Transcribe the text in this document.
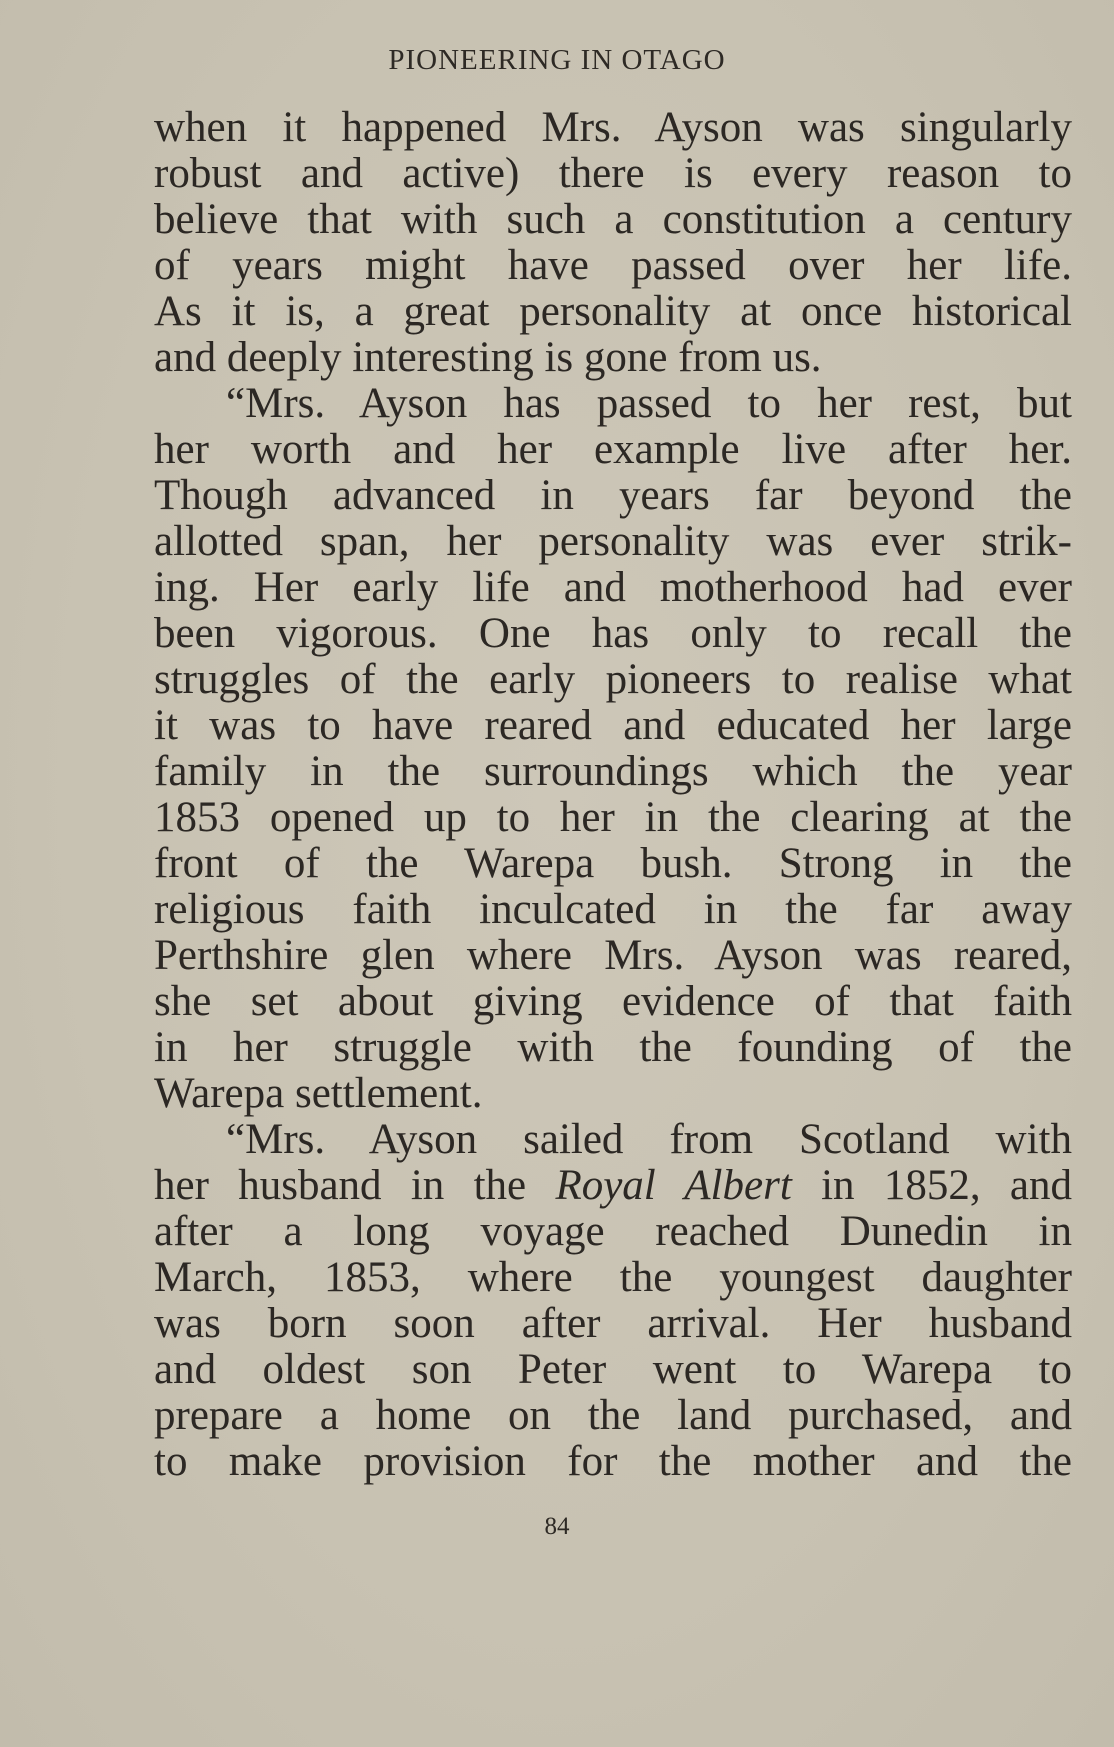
PIONEERING IN OTAGO
when it happened Mrs. Ayson was singularly
robust and active) there is every reason to
believe that with such a constitution a century
of years might have passed over her life.
As it is, a great personality at once historical
and deeply interesting is gone from us.
“Mrs. Ayson has passed to her rest, but
her worth and her example live after her.
Though advanced in years far beyond the
allotted span, her personality was ever strik-
ing. Her early life and motherhood had ever
been vigorous. One has only to recall the
struggles of the early pioneers to realise what
it was to have reared and educated her large
family in the surroundings which the year
1853 opened up to her in the clearing at the
front of the Warepa bush. Strong in the
religious faith inculcated in the far away
Perthshire glen where Mrs. Ayson was reared,
she set about giving evidence of that faith
in her struggle with the founding of the
Warepa settlement.
“Mrs. Ayson sailed from Scotland with
her husband in the Royal Albert in 1852, and
after a long voyage reached Dunedin in
March, 1853, where the youngest daughter
was born soon after arrival. Her husband
and oldest son Peter went to Warepa to
prepare a home on the land purchased, and
to make provision for the mother and the
84
